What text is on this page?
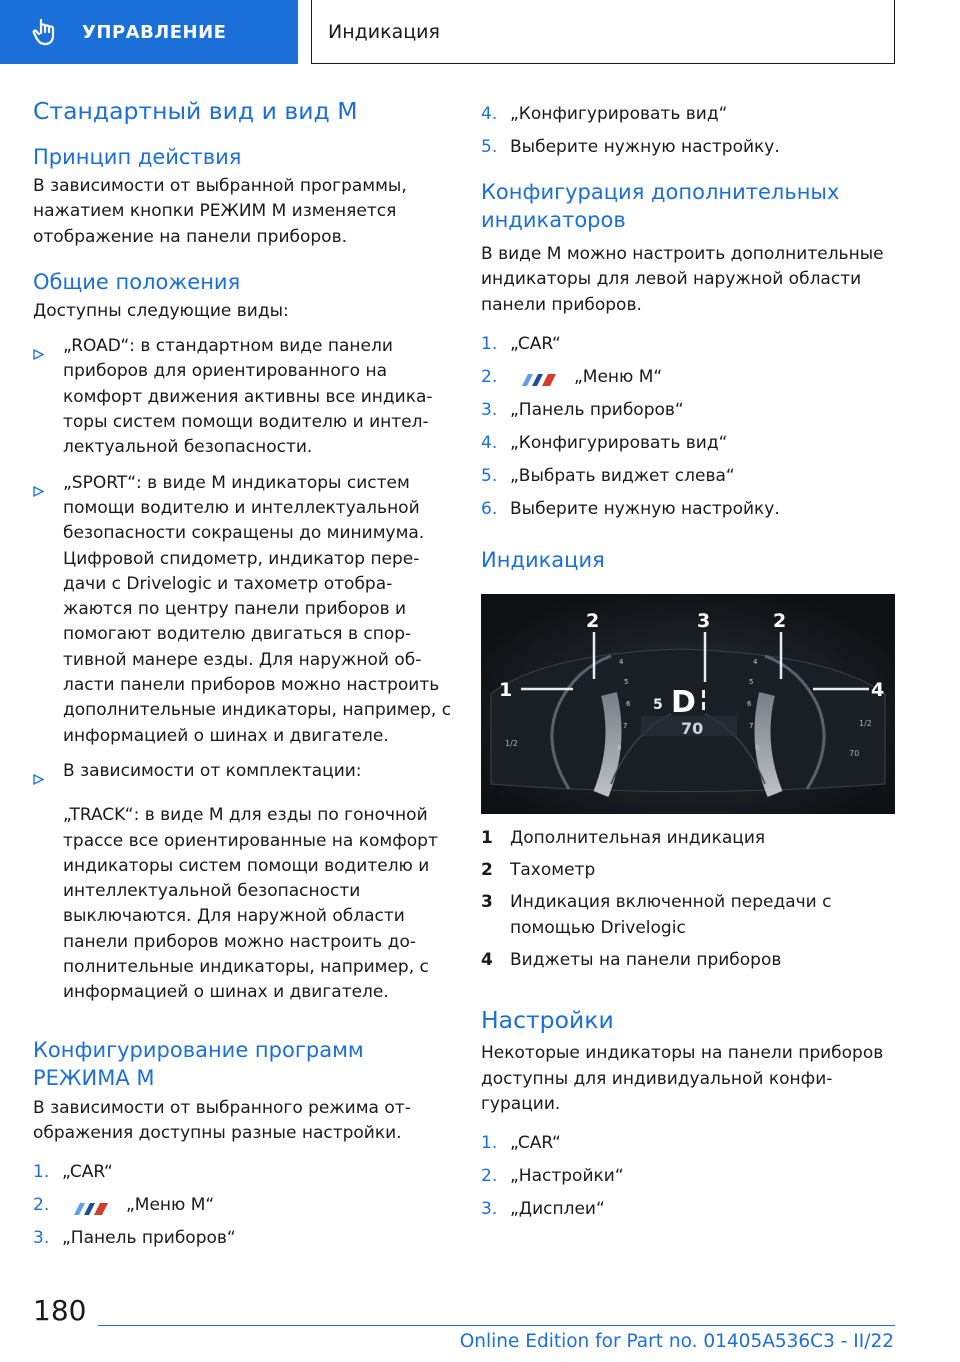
УПРАВЛЕНИЕ	Индикация
Стандартный вид и вид M
Принцип действия

В зависимости от выбранной программы, нажатием кнопки РЕЖИМ M изменяется отображение на панели приборов.

Общие положения

Доступны следующие виды:

„ROAD“: в стандартном виде панели приборов для ориентированного на комфорт движения активны все индикаторы систем помощи водителю и интеллектуальной безопасности.
„SPORT“: в виде M индикаторы систем помощи водителю и интеллектуальной безопасности сокращены до минимума. Цифровой спидометр, индикатор передачи с Drivelogic и тахометр отображаются по центру панели приборов и помогают водителю двигаться в спортивной манере езды. Для наружной области панели приборов можно настроить дополнительные индикаторы, например, с информацией о шинах и двигателе.
В зависимости от комплектации:

„TRACK“: в виде M для езды по гоночной трассе все ориентированные на комфорт индикаторы систем помощи водителю и интеллектуальной безопасности выключаются. Для наружной области панели приборов можно настроить дополнительные индикаторы, например, с информацией о шинах и двигателе.

Конфигурирование программ РЕЖИМА M

В зависимости от выбранного режима отображения доступны разные настройки.

1. „CAR“
2.	„Меню M“
3. „Панель приборов“
4. „Конфигурировать вид“
5. Выберите нужную настройку.
Конфигурация дополнительных индикаторов

В виде M можно настроить дополнительные индикаторы для левой наружной области панели приборов.

1. „CAR“
2.	„Меню M“
3. „Панель приборов“
4. „Конфигурировать вид“
5. „Выбрать виджет слева“
6. Выберите нужную настройку.
Индикация
1/2
1/2
70
4
5
6
7
8
4
5
6
7
8
1
2	3	2
4
5 D
70
1	Дополнительная индикация
2	Тахометр
3	Индикация включенной передачи с помощью Drivelogic
4	Виджеты на панели приборов
Настройки

Некоторые индикаторы на панели приборов доступны для индивидуальной конфигурации.

1. „CAR“
2. „Настройки“
3. „Дисплеи“
180
Online Edition for Part no. 01405A536C3 - II/22
